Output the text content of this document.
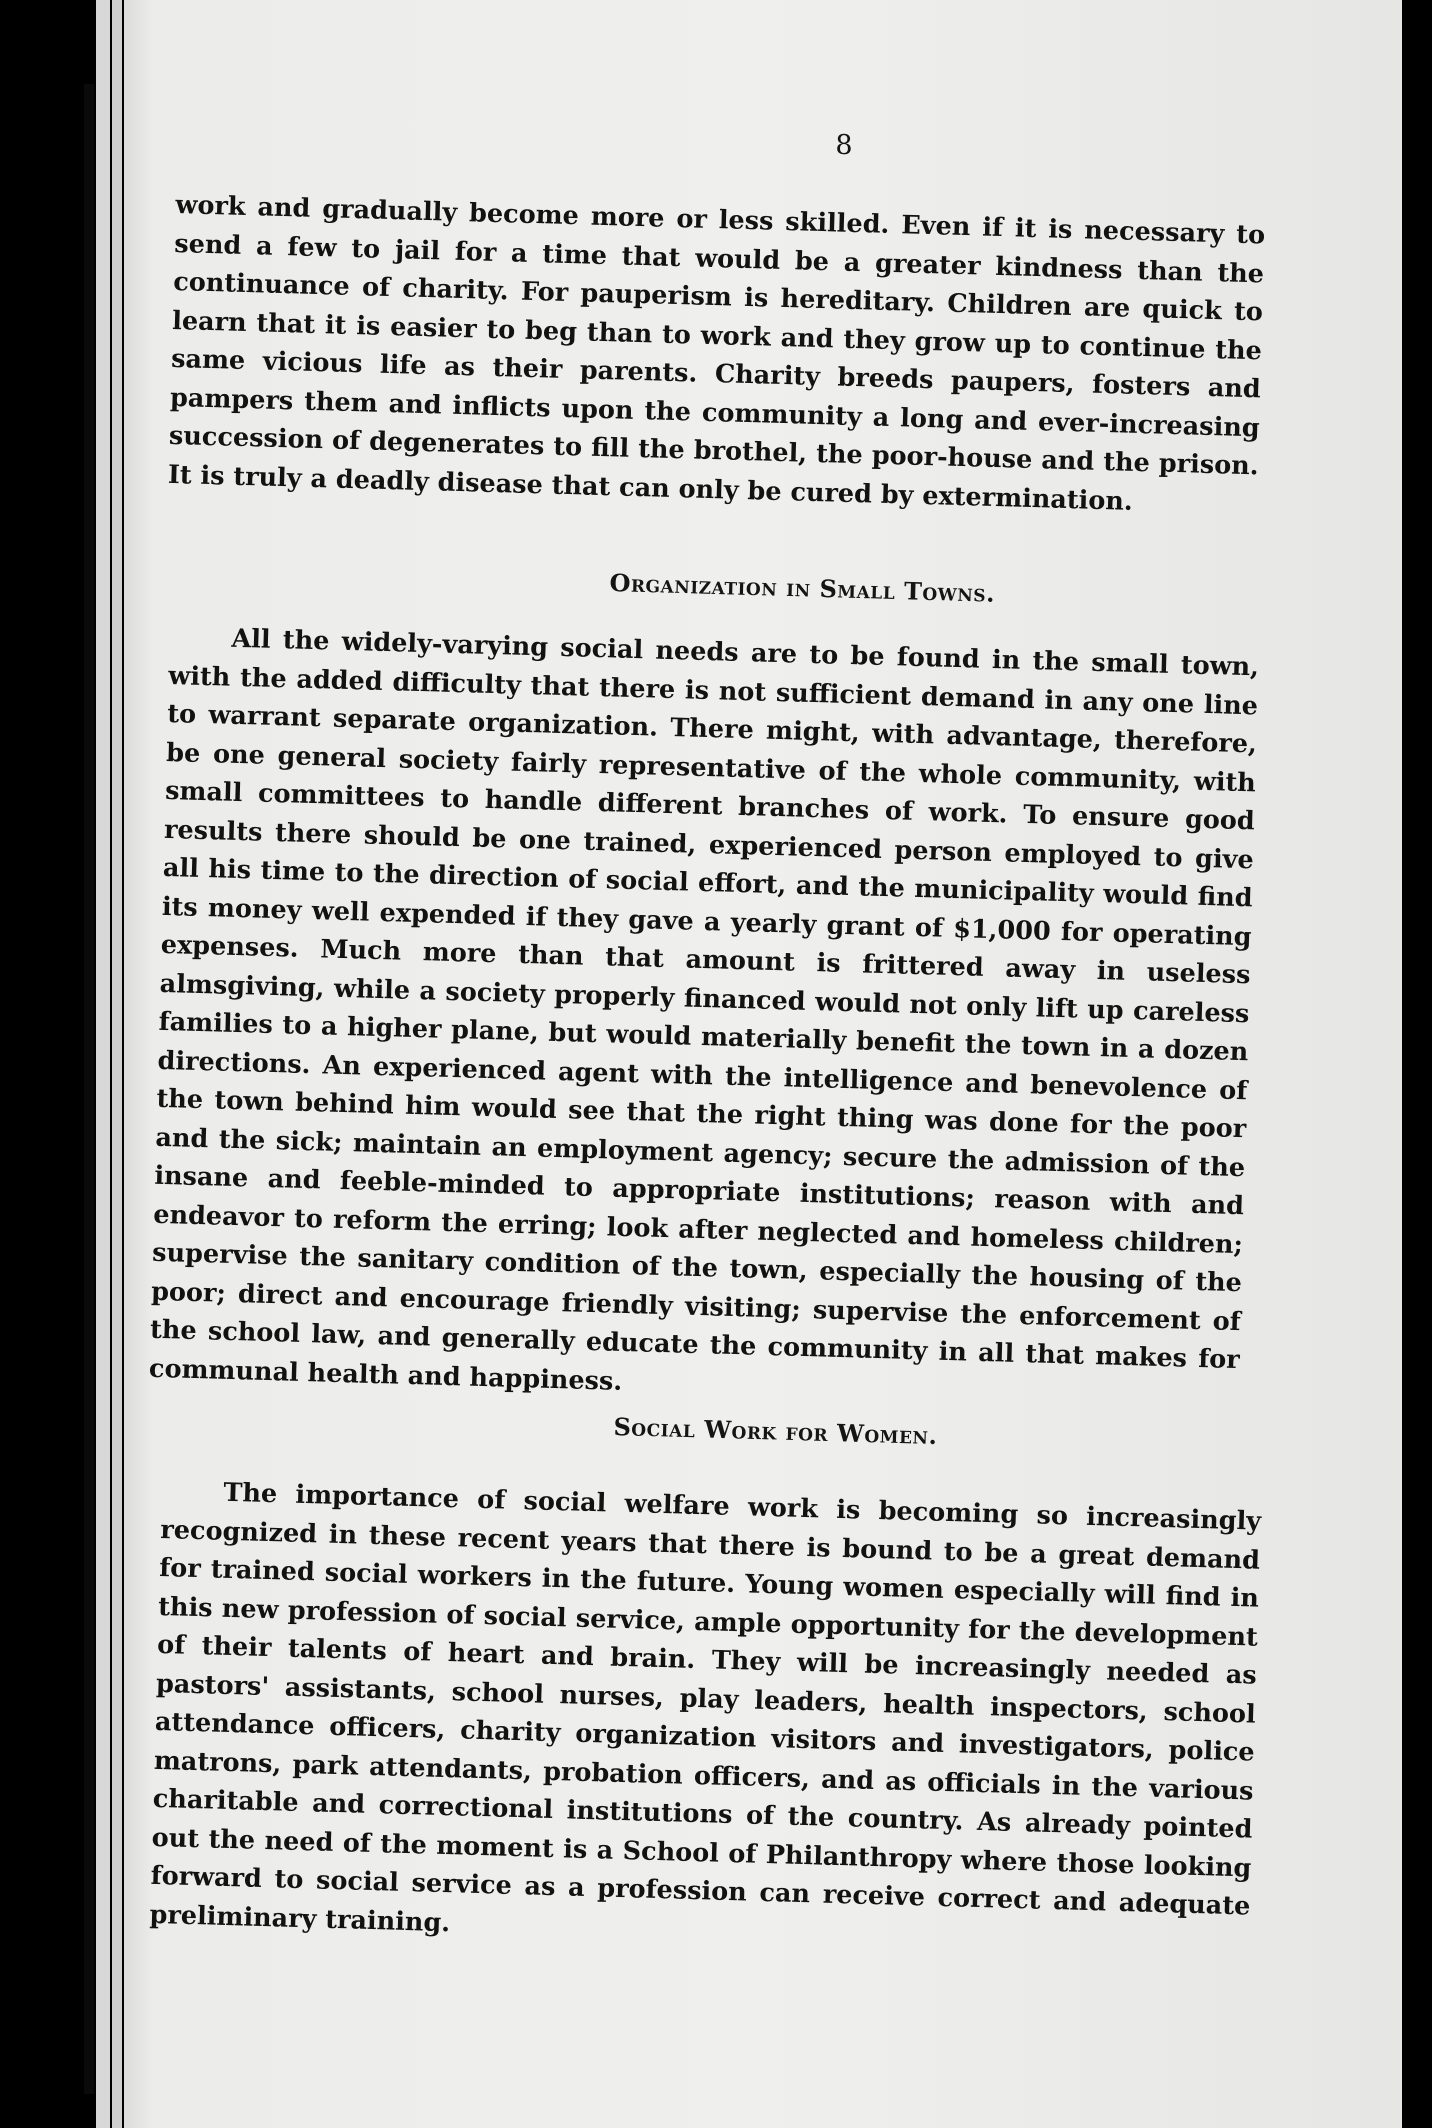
8

work and gradually become more or less skilled. Even if it is necessary to send a few to jail for a time that would be a greater kindness than the continuance of charity. For pauperism is hereditary. Children are quick to learn that it is easier to beg than to work and they grow up to continue the same vicious life as their parents. Charity breeds paupers, fosters and pampers them and inflicts upon the community a long and ever-increasing succession of degenerates to fill the brothel, the poor-house and the prison. It is truly a deadly disease that can only be cured by extermination.

Organization in Small Towns.

All the widely-varying social needs are to be found in the small town, with the added difficulty that there is not sufficient demand in any one line to warrant separate organization. There might, with advantage, therefore, be one general society fairly representative of the whole community, with small committees to handle different branches of work. To ensure good results there should be one trained, experienced person employed to give all his time to the direction of social effort, and the municipality would find its money well expended if they gave a yearly grant of $1,000 for operating expenses. Much more than that amount is frittered away in useless almsgiving, while a society properly financed would not only lift up careless families to a higher plane, but would materially benefit the town in a dozen directions. An experienced agent with the intelligence and benevolence of the town behind him would see that the right thing was done for the poor and the sick; maintain an employment agency; secure the admission of the insane and feeble-minded to appropriate institutions; reason with and endeavor to reform the erring; look after neglected and homeless children; supervise the sanitary condition of the town, especially the housing of the poor; direct and encourage friendly visiting; supervise the enforcement of the school law, and generally educate the community in all that makes for communal health and happiness.

Social Work for Women.

The importance of social welfare work is becoming so increasingly recognized in these recent years that there is bound to be a great demand for trained social workers in the future. Young women especially will find in this new profession of social service, ample opportunity for the development of their talents of heart and brain. They will be increasingly needed as pastors' assistants, school nurses, play leaders, health inspectors, school attendance officers, charity organization visitors and investigators, police matrons, park attendants, probation officers, and as officials in the various charitable and correctional institutions of the country. As already pointed out the need of the moment is a School of Philanthropy where those looking forward to social service as a profession can receive correct and adequate preliminary training.
